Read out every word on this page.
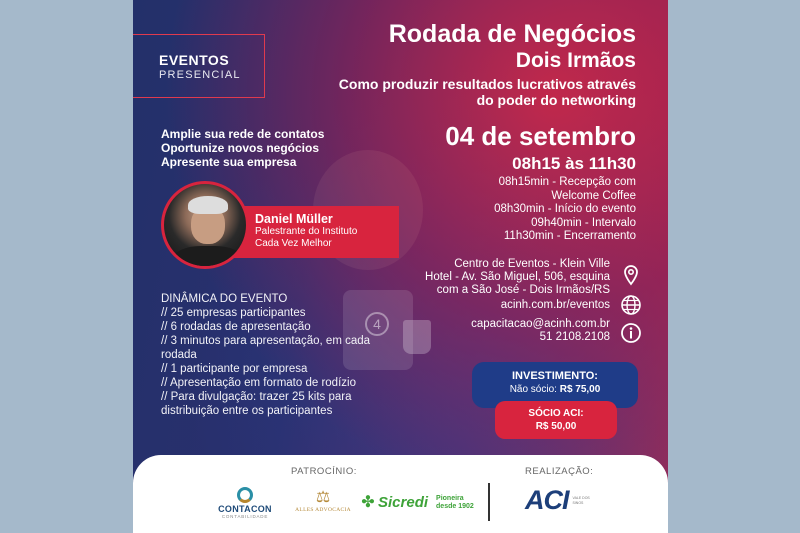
4
EVENTOS
PRESENCIAL
Rodada de Negócios
Dois Irmãos
Como produzir resultados lucrativos através do poder do networking
Amplie sua rede de contatos
Oportunize novos negócios
Apresente sua empresa
04 de setembro
08h15 às 11h30
08h15min - Recepção com
Welcome Coffee
08h30min - Início do evento
09h40min - Intervalo
11h30min - Encerramento
Daniel Müller
Palestrante do Instituto
Cada Vez Melhor
Centro de Eventos - Klein Ville
Hotel - Av. São Miguel, 506, esquina
com a São José - Dois Irmãos/RS
acinh.com.br/eventos
capacitacao@acinh.com.br
51 2108.2108
DINÂMICA DO EVENTO
// 25 empresas participantes
// 6 rodadas de apresentação
// 3 minutos para apresentação, em cada rodada
// 1 participante por empresa
// Apresentação em formato de rodízio
// Para divulgação: trazer 25 kits para distribuição entre os participantes
INVESTIMENTO:
Não sócio: R$ 75,00
SÓCIO ACI:
R$ 50,00
PATROCÍNIO:	REALIZAÇÃO:
CONTACON
CONTABILIDADE
⚖
ALLES ADVOCACIA ✤ Sicredi Pioneira
desde 1902 ACI VALE DOS SINOS
